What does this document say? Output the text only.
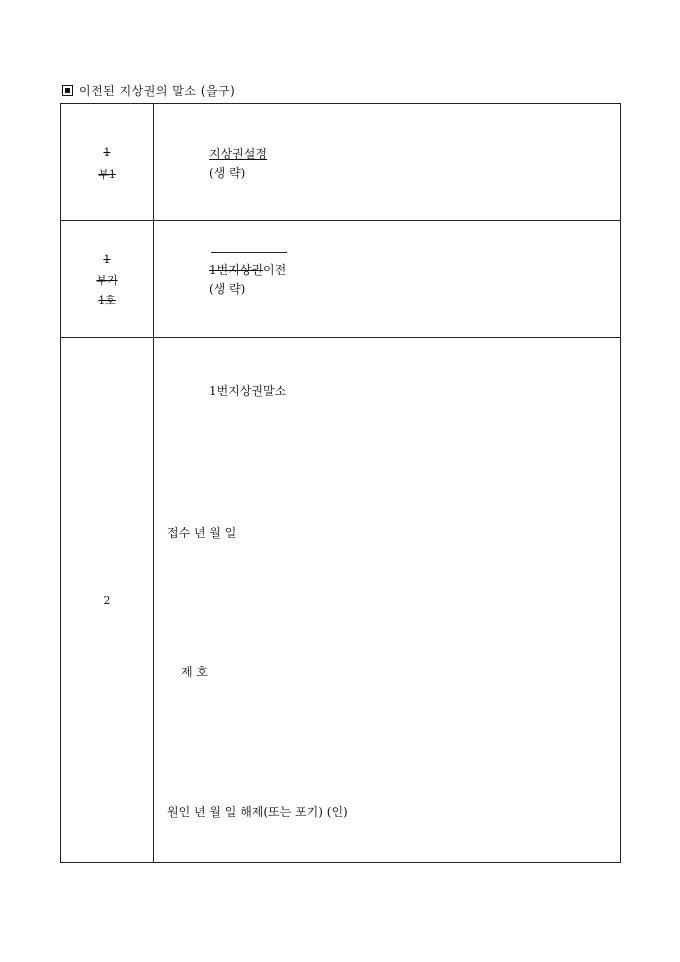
이전된 지상권의 말소 (을구)
1
부1
지상권설정
(생 략)
1
부기
1호
1번지상권이전
(생 략)
2
1번지상권말소
접수 년 월 일
제 호
원인 년 월 일 해제(또는 포기) (인)
